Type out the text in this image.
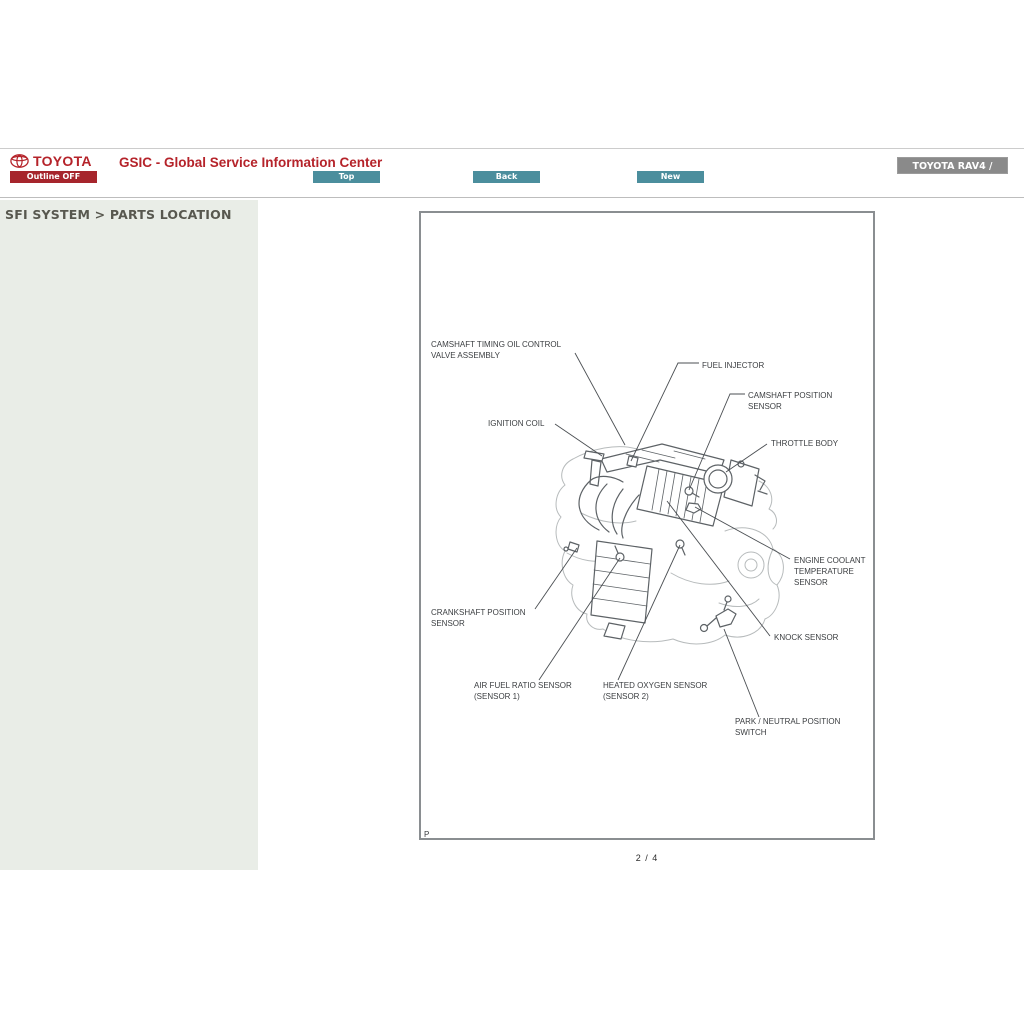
TOYOTA
Outline OFF
GSIC - Global Service Information Center
Top	Back	New
TOYOTA RAV4 /
SFI SYSTEM > PARTS LOCATION
CAMSHAFT TIMING OIL CONTROL VALVE ASSEMBLY
FUEL INJECTOR
CAMSHAFT POSITION SENSOR
IGNITION COIL
THROTTLE BODY
ENGINE COOLANT TEMPERATURE SENSOR
CRANKSHAFT POSITION SENSOR
KNOCK SENSOR
AIR FUEL RATIO SENSOR (SENSOR 1)
HEATED OXYGEN SENSOR (SENSOR 2)
PARK / NEUTRAL POSITION SWITCH
P
2 / 4
